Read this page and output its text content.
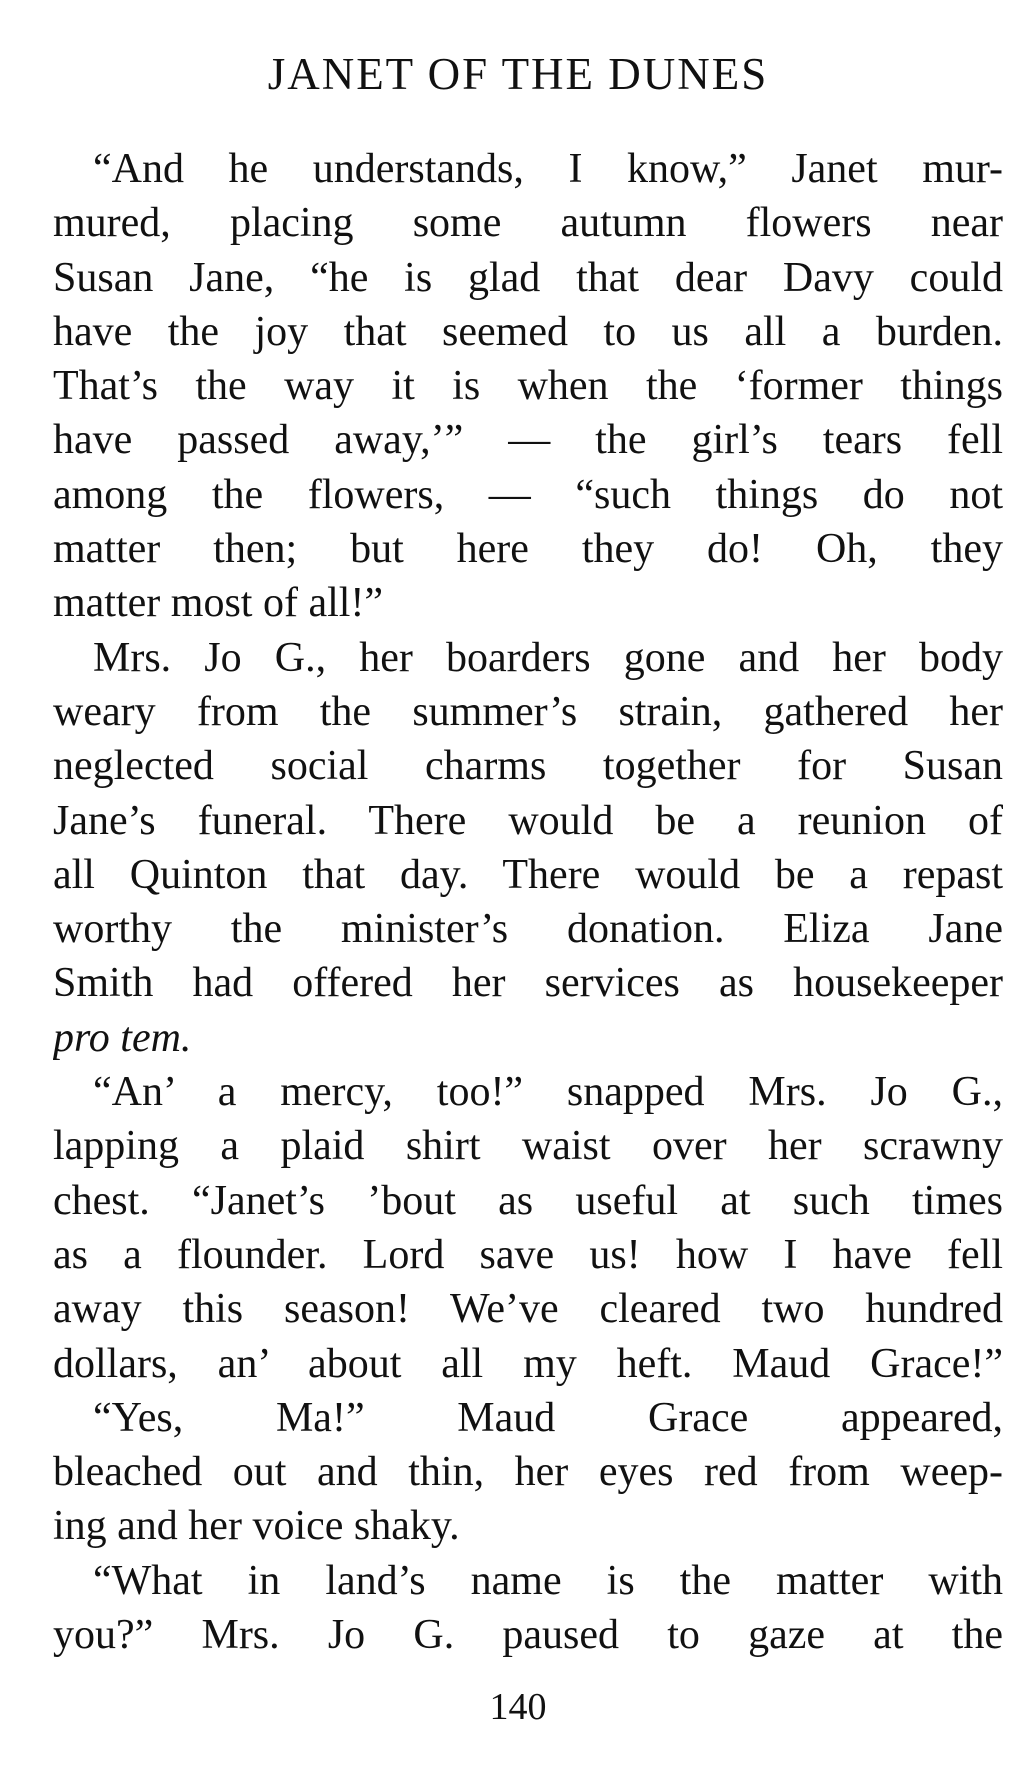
JANET OF THE DUNES
“And he understands, I know,” Janet mur-
mured, placing some autumn flowers near
Susan Jane, “he is glad that dear Davy could
have the joy that seemed to us all a burden.
That’s the way it is when the ‘former things
have passed away,’” — the girl’s tears fell
among the flowers, — “such things do not
matter then; but here they do! Oh, they
matter most of all!”
Mrs. Jo G., her boarders gone and her body
weary from the summer’s strain, gathered her
neglected social charms together for Susan
Jane’s funeral. There would be a reunion of
all Quinton that day. There would be a repast
worthy the minister’s donation. Eliza Jane
Smith had offered her services as housekeeper
pro tem.
“An’ a mercy, too!” snapped Mrs. Jo G.,
lapping a plaid shirt waist over her scrawny
chest. “Janet’s ’bout as useful at such times
as a flounder. Lord save us! how I have fell
away this season! We’ve cleared two hundred
dollars, an’ about all my heft. Maud Grace!”
“Yes, Ma!” Maud Grace appeared,
bleached out and thin, her eyes red from weep-
ing and her voice shaky.
“What in land’s name is the matter with
you?” Mrs. Jo G. paused to gaze at the
140
